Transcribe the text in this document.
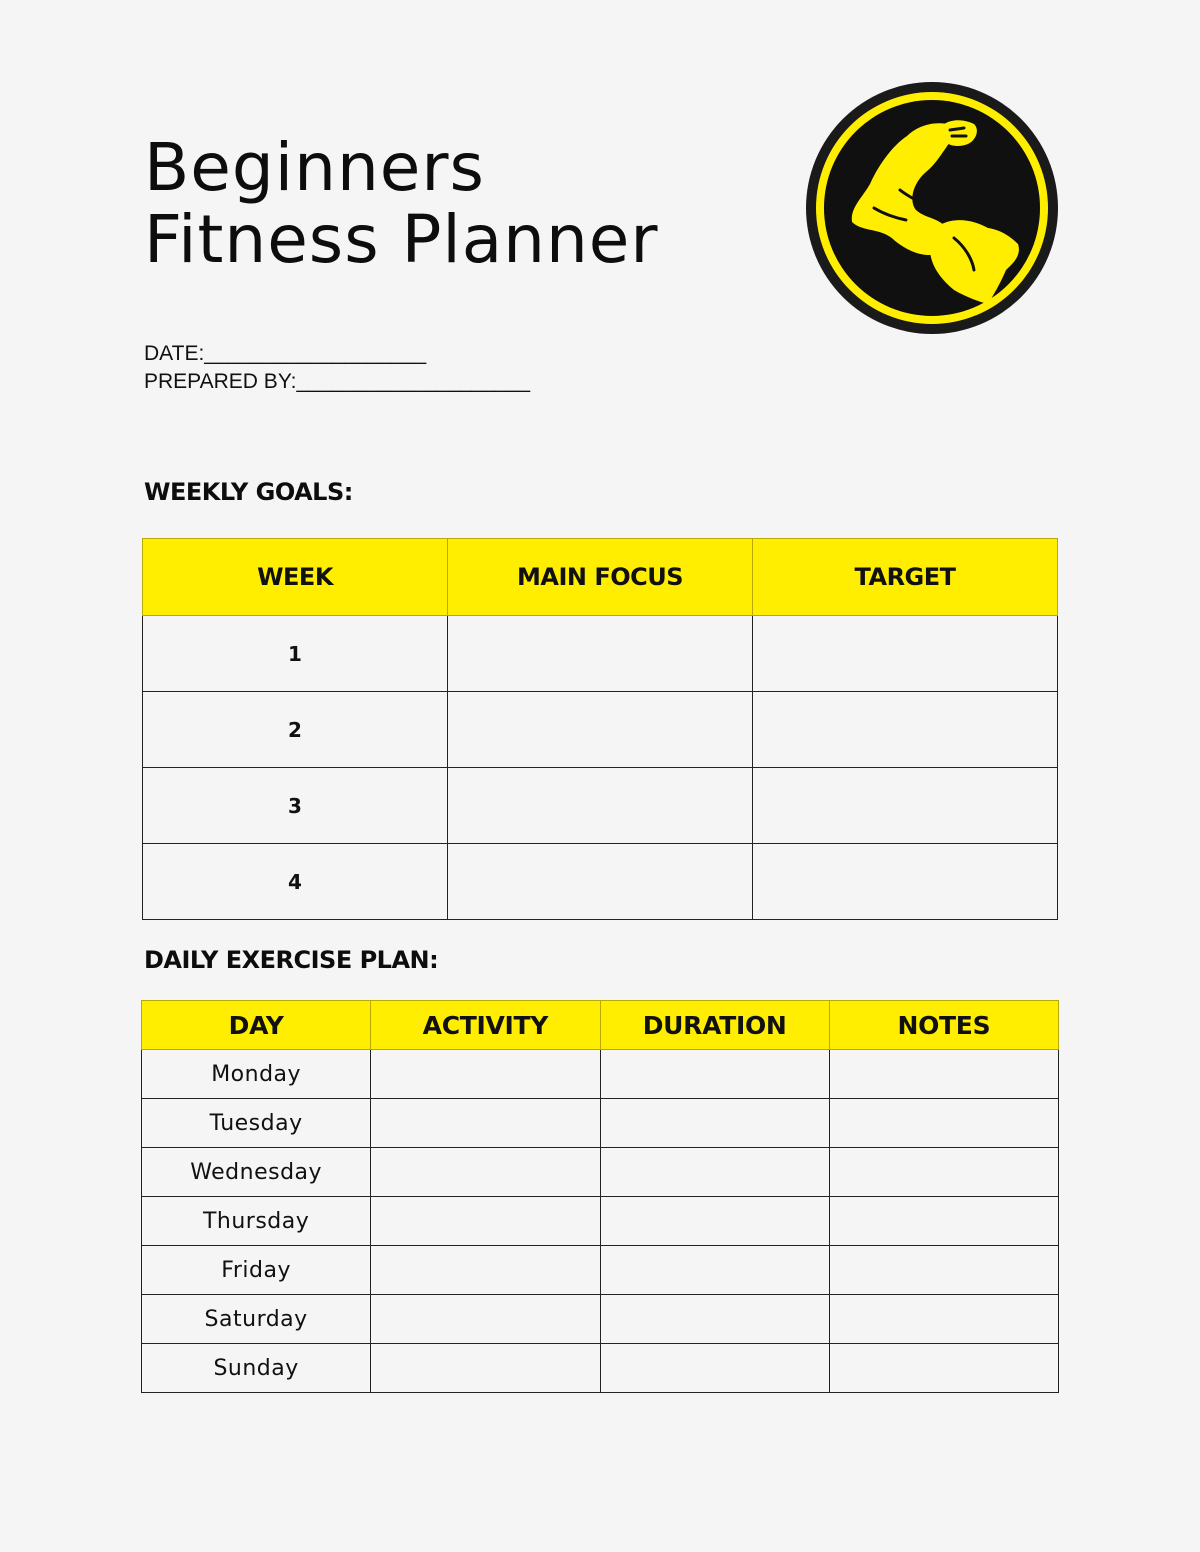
Beginners
Fitness Planner
DATE:___________________
PREPARED BY:____________________
WEEKLY GOALS:
WEEK	MAIN FOCUS	TARGET
1		
2		
3		
4		
DAILY EXERCISE PLAN:
DAY	ACTIVITY	DURATION	NOTES
Monday			
Tuesday			
Wednesday			
Thursday			
Friday			
Saturday			
Sunday			
